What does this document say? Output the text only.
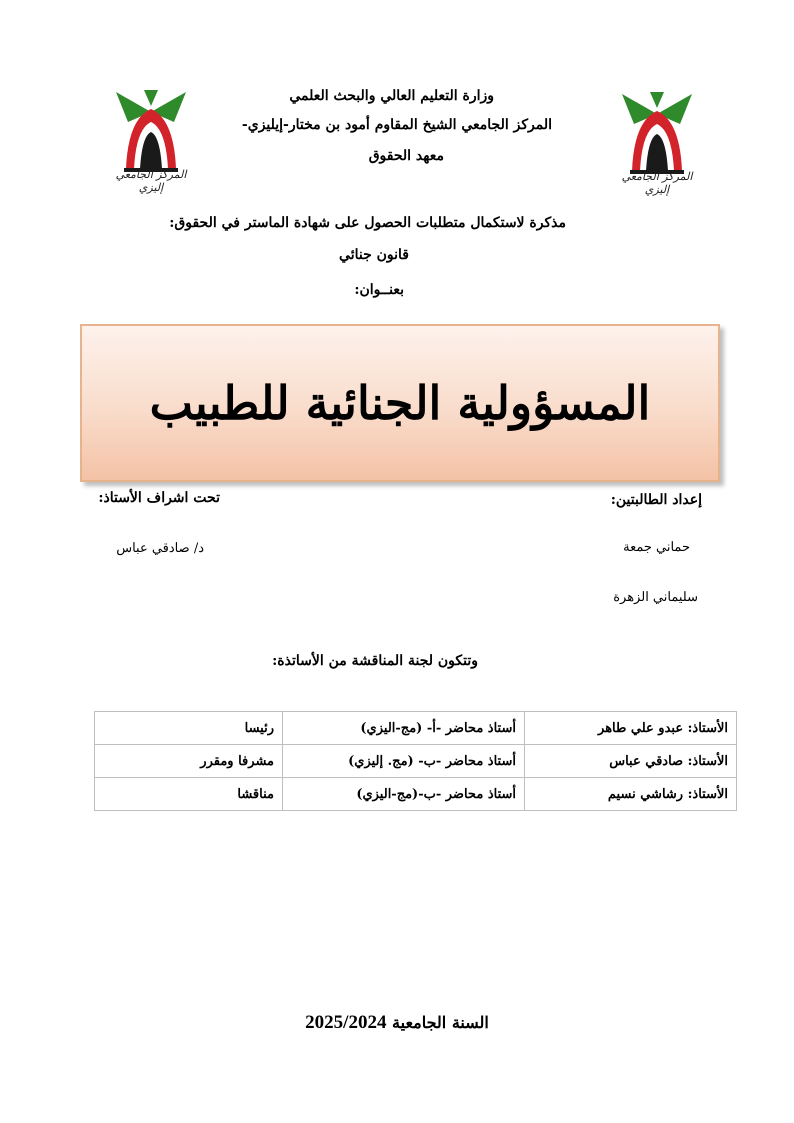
المركز الجامعي إليزي
المركز الجامعي إليزي
وزارة التعليم العالي والبحث العلمي
المركز الجامعي الشيخ المقاوم أمود بن مختار-إيليزي-
معهد الحقوق
مذكرة لاستكمال متطلبات الحصول على شهادة الماستر في الحقوق:
قانون جنائي
بعنــوان:
المسؤولية الجنائية للطبيب
إعداد الطالبتين:
حماني جمعة
سليماني الزهرة
تحت اشراف الأستاذ:
د/ صادقي عباس
وتتكون لجنة المناقشة من الأساتذة:
الأستاذ: عبدو علي طاهر	أستاذ محاضر -أ- (مج-اليزي)	رئيسا
الأستاذ: صادقي عباس	أستاذ محاضر -ب- (مج. إليزي)	مشرفا ومقرر
الأستاذ: رشاشي نسيم	أستاذ محاضر -ب-(مج-اليزي)	مناقشا
السنة الجامعية 2025/2024
